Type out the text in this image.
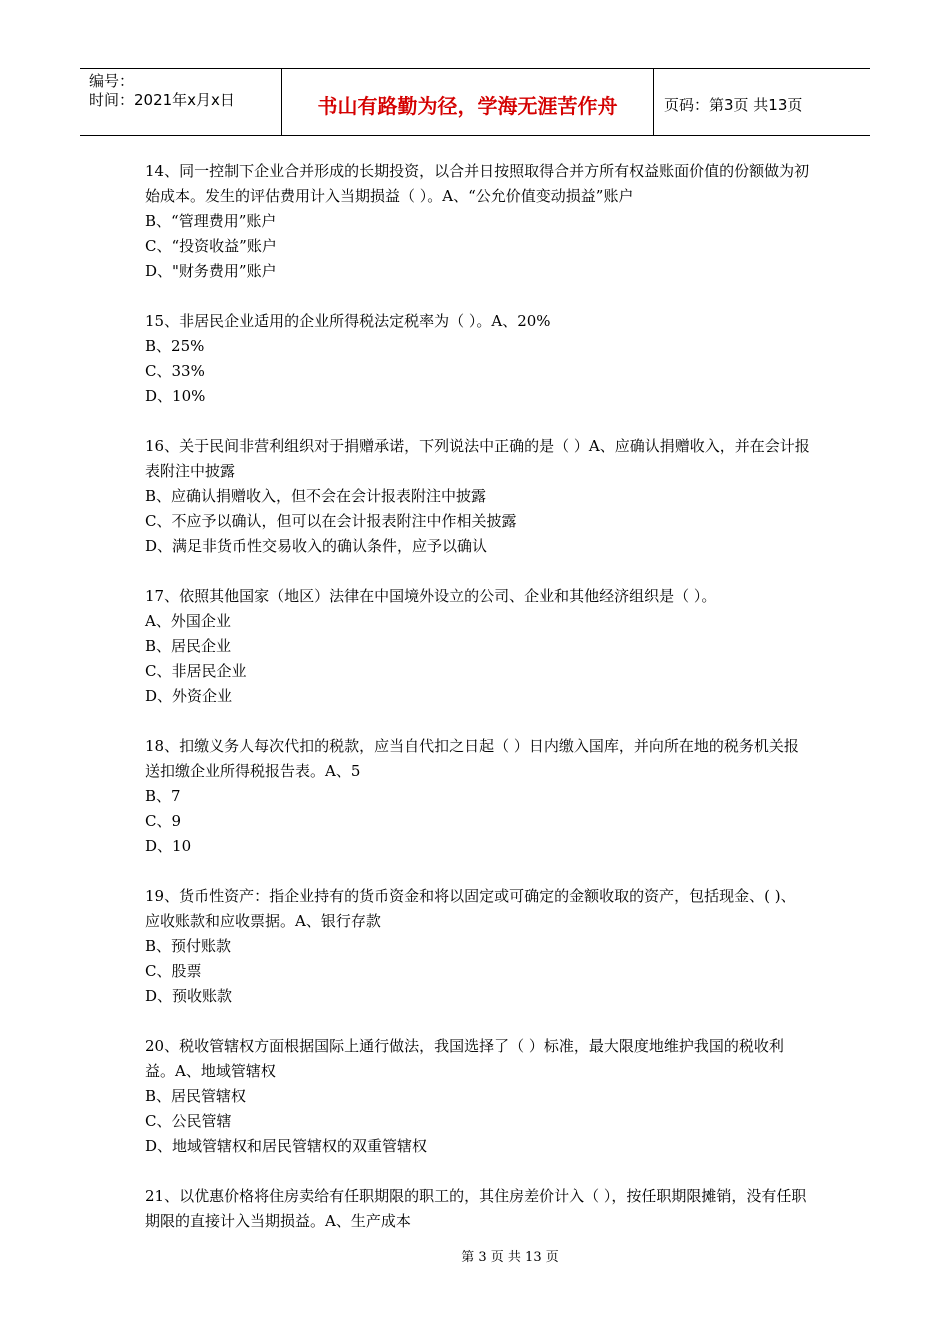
编号：
时间：2021年x月x日	书山有路勤为径，学海无涯苦作舟	页码：第3页 共13页

14、同一控制下企业合并形成的长期投资，以合并日按照取得合并方所有权益账面价值的份额做为初始成本。发生的评估费用计入当期损益（ ）。A、“公允价值变动损益”账户

B、“管理费用”账户

C、“投资收益”账户

D、"财务费用”账户

15、非居民企业适用的企业所得税法定税率为（ ）。A、20%

B、25%

C、33%

D、10%

16、关于民间非营利组织对于捐赠承诺，下列说法中正确的是（ ）A、应确认捐赠收入，并在会计报表附注中披露

B、应确认捐赠收入，但不会在会计报表附注中披露

C、不应予以确认，但可以在会计报表附注中作相关披露

D、满足非货币性交易收入的确认条件，应予以确认

17、依照其他国家（地区）法律在中国境外设立的公司、企业和其他经济组织是（ ）。

A、外国企业

B、居民企业

C、非居民企业

D、外资企业

18、扣缴义务人每次代扣的税款，应当自代扣之日起（ ）日内缴入国库，并向所在地的税务机关报送扣缴企业所得税报告表。A、5

B、7

C、9

D、10

19、货币性资产：指企业持有的货币资金和将以固定或可确定的金额收取的资产，包括现金、( )、应收账款和应收票据。A、银行存款

B、预付账款

C、股票

D、预收账款

20、税收管辖权方面根据国际上通行做法，我国选择了（ ）标准，最大限度地维护我国的税收利益。A、地域管辖权

B、居民管辖权

C、公民管辖

D、地域管辖权和居民管辖权的双重管辖权

21、以优惠价格将住房卖给有任职期限的职工的，其住房差价计入（ ），按任职期限摊销，没有任职期限的直接计入当期损益。A、生产成本

第 3 页 共 13 页
